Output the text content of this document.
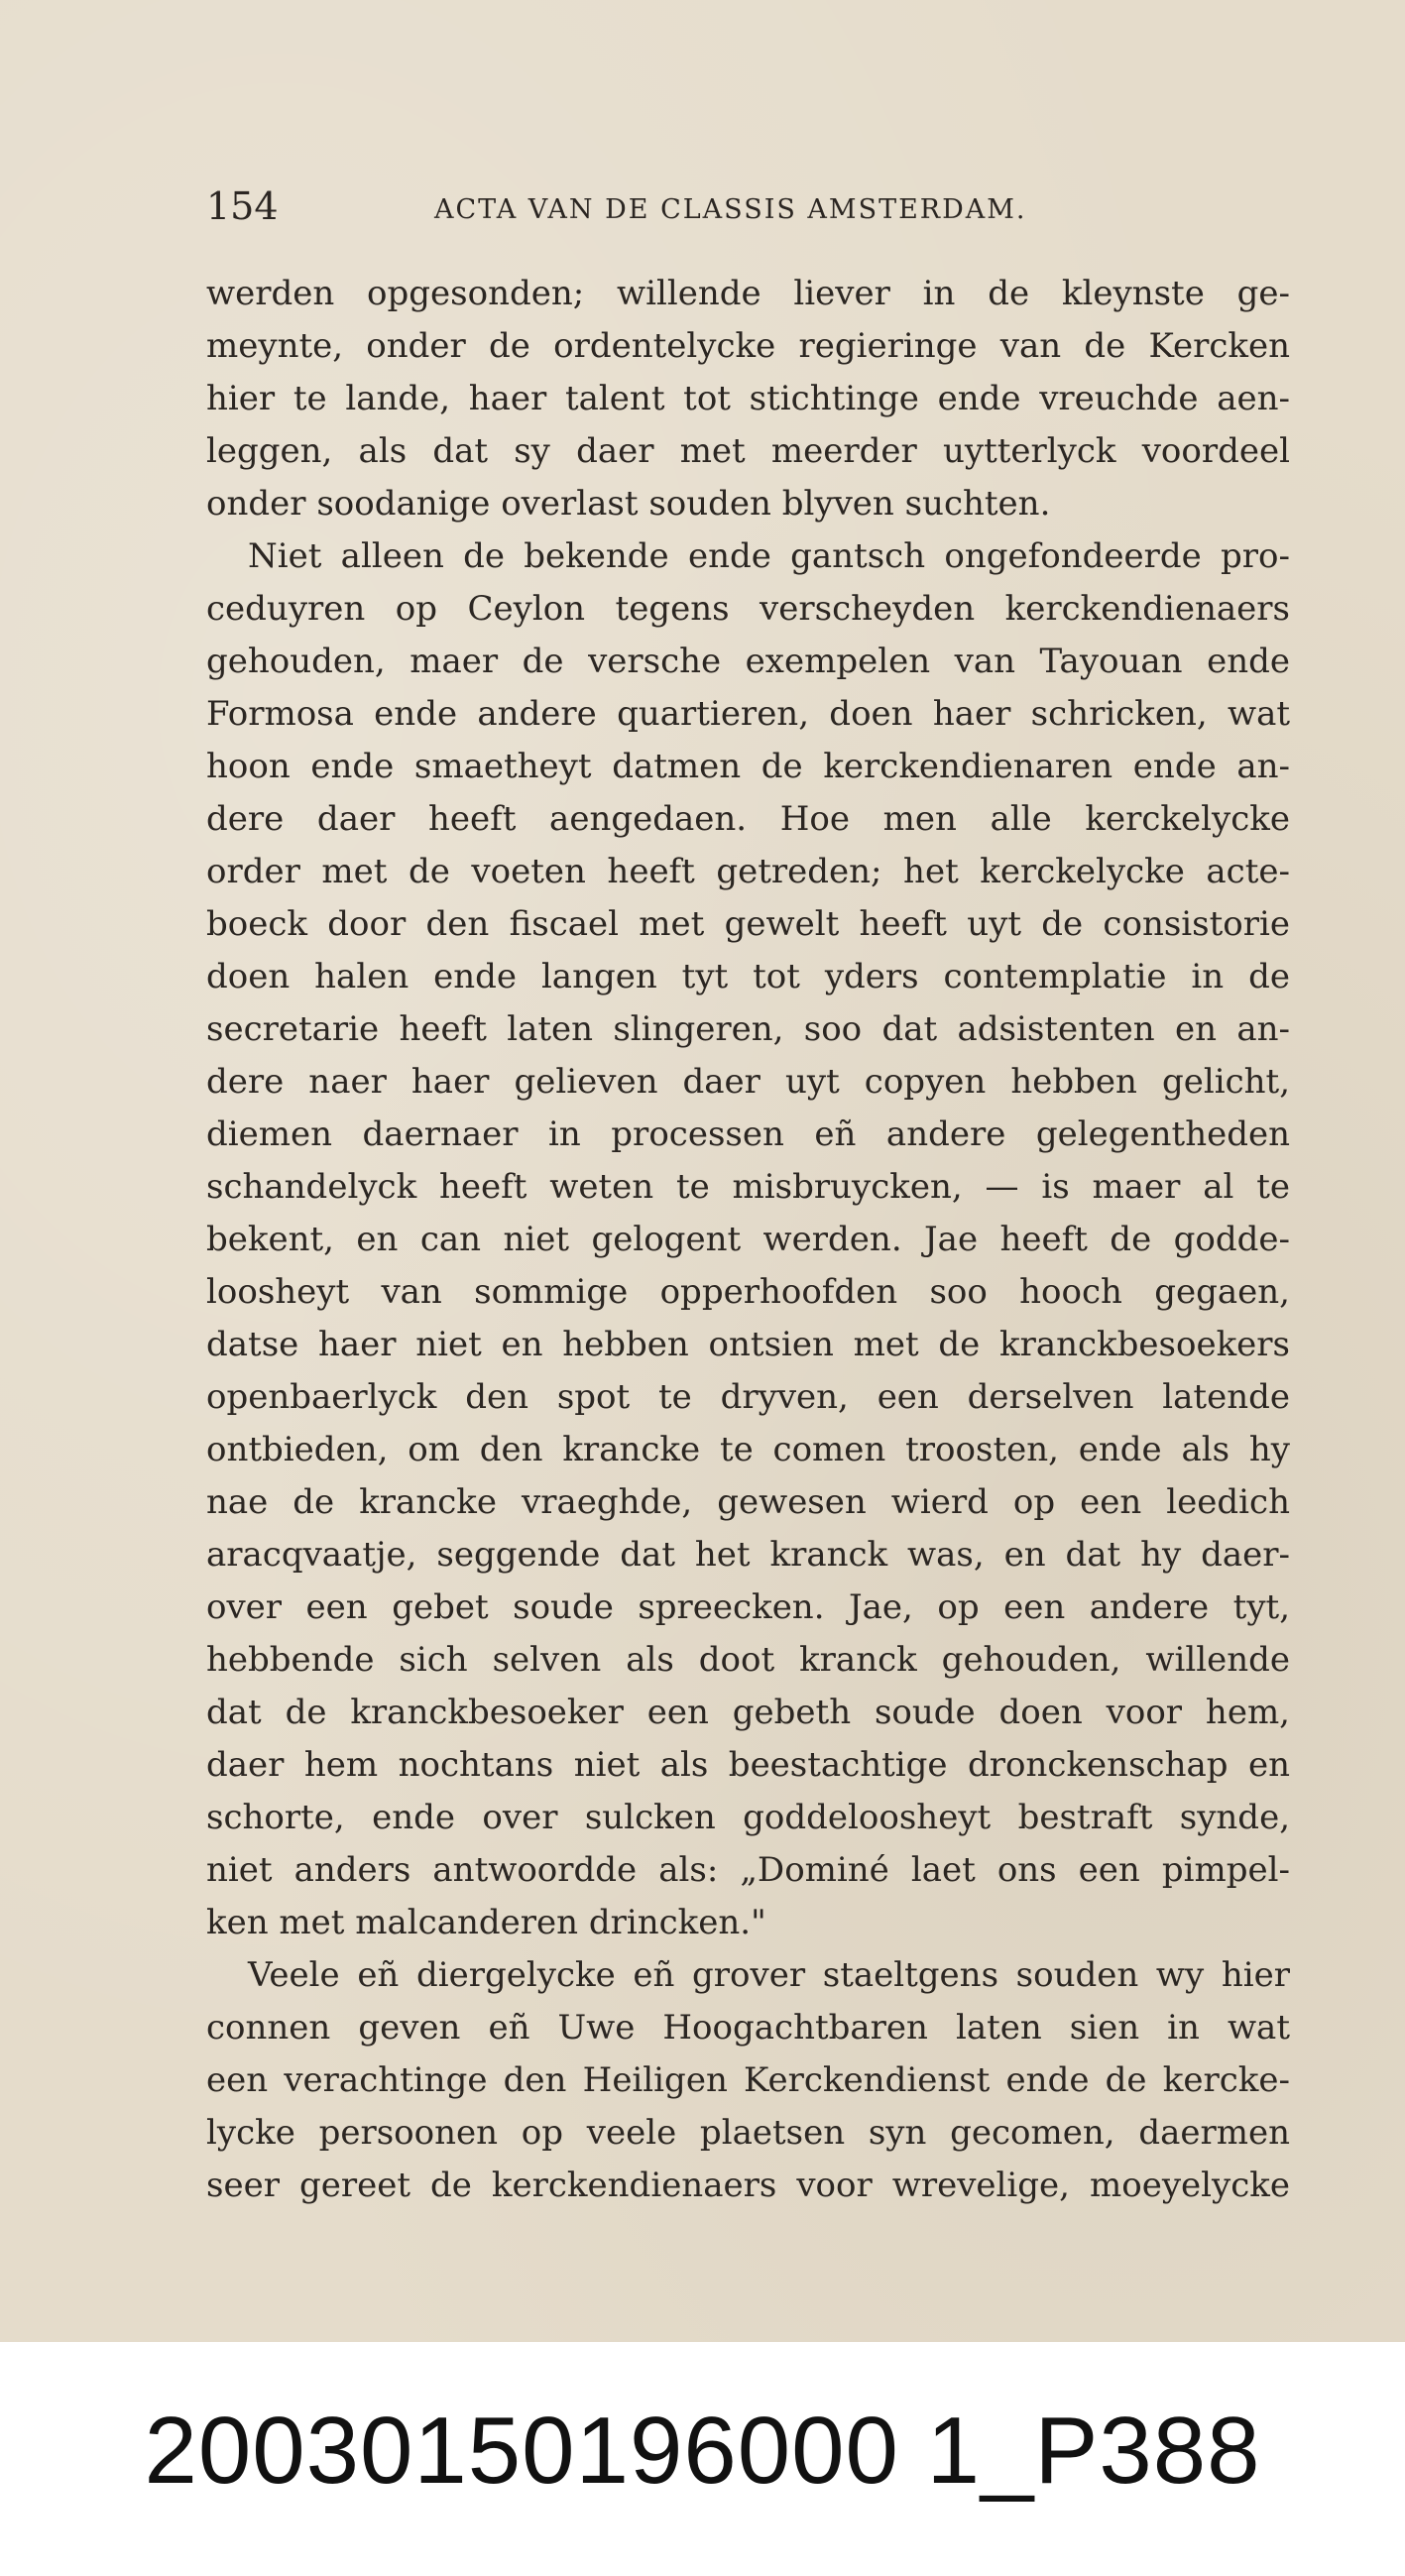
154	ACTA VAN DE CLASSIS AMSTERDAM.
werden opgesonden; willende liever in de kleynste ge-
meynte, onder de ordentelycke regieringe van de Kercken
hier te lande, haer talent tot stichtinge ende vreuchde aen-
leggen, als dat sy daer met meerder uytterlyck voordeel
onder soodanige overlast souden blyven suchten.
Niet alleen de bekende ende gantsch ongefondeerde pro-
ceduyren op Ceylon tegens verscheyden kerckendienaers
gehouden, maer de versche exempelen van Tayouan ende
Formosa ende andere quartieren, doen haer schricken, wat
hoon ende smaetheyt datmen de kerckendienaren ende an-
dere daer heeft aengedaen. Hoe men alle kerckelycke
order met de voeten heeft getreden; het kerckelycke acte-
boeck door den fiscael met gewelt heeft uyt de consistorie
doen halen ende langen tyt tot yders contemplatie in de
secretarie heeft laten slingeren, soo dat adsistenten en an-
dere naer haer gelieven daer uyt copyen hebben gelicht,
diemen daernaer in processen eñ andere gelegentheden
schandelyck heeft weten te misbruycken, — is maer al te
bekent, en can niet gelogent werden. Jae heeft de godde-
loosheyt van sommige opperhoofden soo hooch gegaen,
datse haer niet en hebben ontsien met de kranckbesoekers
openbaerlyck den spot te dryven, een derselven latende
ontbieden, om den krancke te comen troosten, ende als hy
nae de krancke vraeghde, gewesen wierd op een leedich
aracqvaatje, seggende dat het kranck was, en dat hy daer-
over een gebet soude spreecken. Jae, op een andere tyt,
hebbende sich selven als doot kranck gehouden, willende
dat de kranckbesoeker een gebeth soude doen voor hem,
daer hem nochtans niet als beestachtige dronckenschap en
schorte, ende over sulcken goddeloosheyt bestraft synde,
niet anders antwoordde als: „Dominé laet ons een pimpel-
ken met malcanderen drincken."
Veele eñ diergelycke eñ grover staeltgens souden wy hier
connen geven eñ Uwe Hoogachtbaren laten sien in wat
een verachtinge den Heiligen Kerckendienst ende de kercke-
lycke persoonen op veele plaetsen syn gecomen, daermen
seer gereet de kerckendienaers voor wrevelige, moeyelycke
20030150196000 1_P388
